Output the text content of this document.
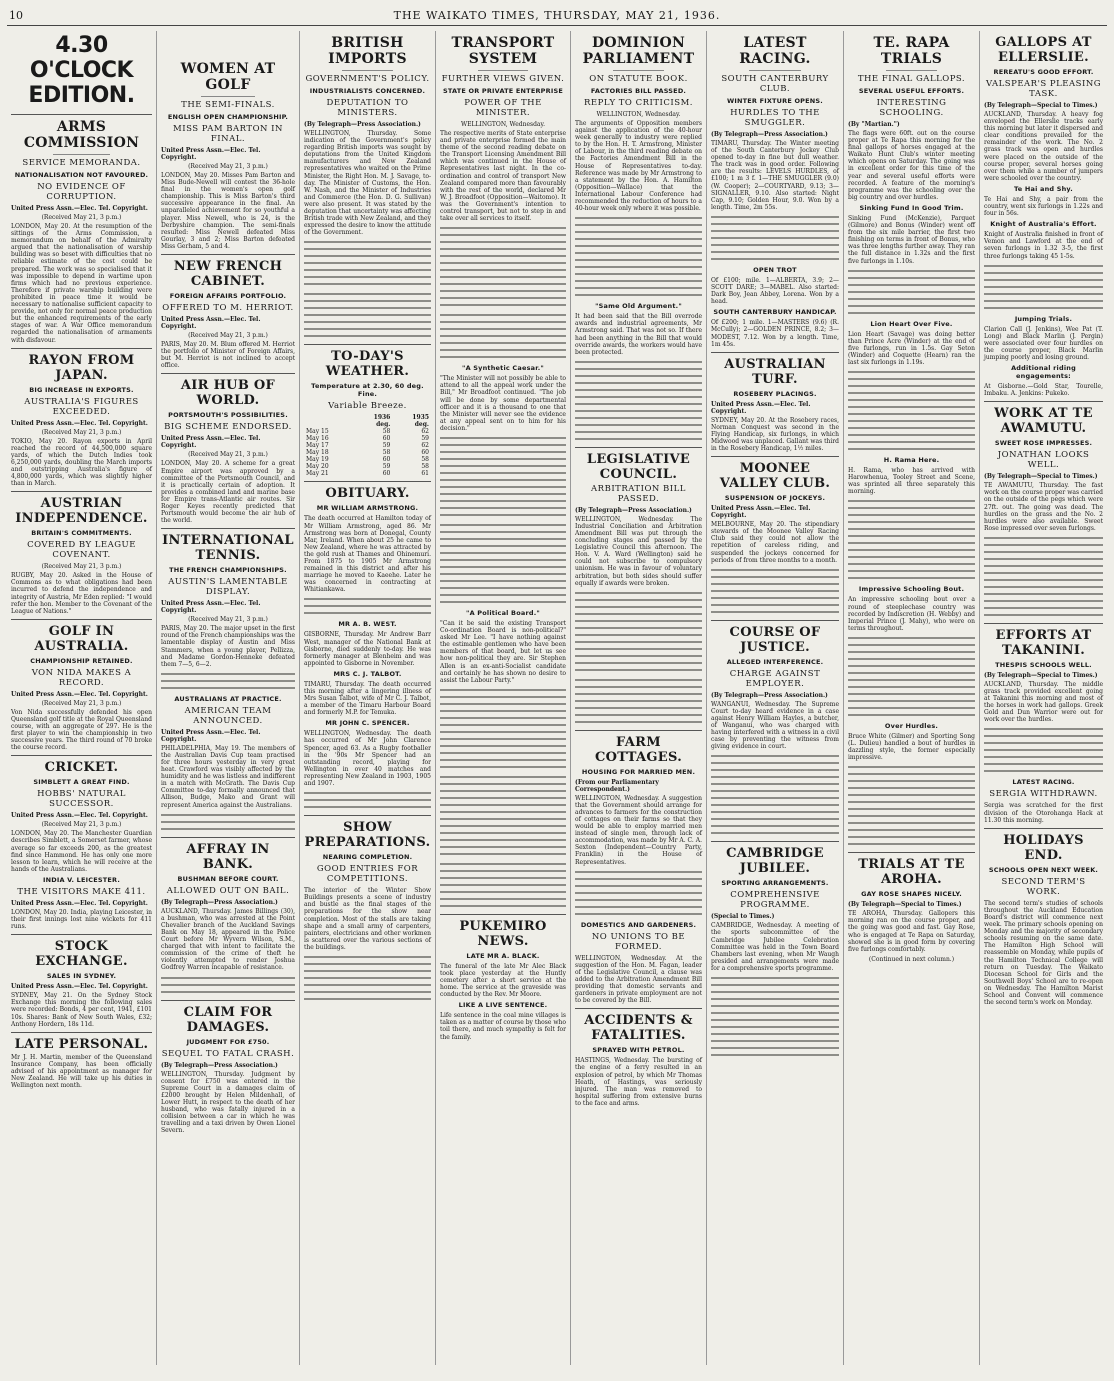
10	THE WAIKATO TIMES, THURSDAY, MAY 21, 1936.
4.30 O'CLOCK EDITION.
ARMS COMMISSION
SERVICE MEMORANDA.
NATIONALISATION NOT FAVOURED.
NO EVIDENCE OF CORRUPTION.
United Press Assn.—Elec. Tel. Copyright.
(Received May 21, 3 p.m.)

LONDON, May 20. At the resumption of the sittings of the Arms Commission, a memorandum on behalf of the Admiralty argued that the nationalisation of warship building was so beset with difficulties that no reliable estimate of the cost could be prepared. The work was so specialised that it was impossible to depend in wartime upon firms which had no previous experience. Therefore if private warship building were prohibited in peace time it would be necessary to nationalise sufficient capacity to provide, not only for normal peace production but the enhanced requirements of the early stages of war. A War Office memorandum regarded the nationalisation of armaments with disfavour.

RAYON FROM JAPAN.
BIG INCREASE IN EXPORTS.
AUSTRALIA'S FIGURES EXCEEDED.
United Press Assn.—Elec. Tel. Copyright.
(Received May 21, 3 p.m.)

TOKIO, May 20. Rayon exports in April reached the record of 44,500,000 square yards, of which the Dutch Indies took 6,250,000 yards, doubling the March imports and outstripping Australia's figure of 4,800,000 yards, which was slightly higher than in March.

AUSTRIAN INDEPENDENCE.
BRITAIN'S COMMITMENTS.
COVERED BY LEAGUE COVENANT.
(Received May 21, 3 p.m.)

RUGBY, May 20. Asked in the House of Commons as to what obligations had been incurred to defend the independence and integrity of Austria, Mr Eden replied: "I would refer the hon. Member to the Covenant of the League of Nations."

GOLF IN AUSTRALIA.
CHAMPIONSHIP RETAINED.
VON NIDA MAKES A RECORD.
United Press Assn.—Elec. Tel. Copyright.
(Received May 21, 3 p.m.)

Von Nida successfully defended his open Queensland golf title at the Royal Queensland course, with an aggregate of 297. He is the first player to win the championship in two successive years. The third round of 70 broke the course record.

CRICKET.
SIMBLETT A GREAT FIND.
HOBBS' NATURAL SUCCESSOR.
United Press Assn.—Elec. Tel. Copyright.
(Received May 21, 3 p.m.)

LONDON, May 20. The Manchester Guardian describes Simblett, a Somerset farmer, whose average so far exceeds 200, as the greatest find since Hammond. He has only one more lesson to learn, which he will receive at the hands of the Australians.

INDIA V. LEICESTER.
THE VISITORS MAKE 411.
United Press Assn.—Elec. Tel. Copyright.

LONDON, May 20. India, playing Leicester, in their first innings lost nine wickets for 411 runs.

STOCK EXCHANGE.
SALES IN SYDNEY.
United Press Assn.—Elec. Tel. Copyright.

SYDNEY, May 21. On the Sydney Stock Exchange this morning the following sales were recorded: Bonds, 4 per cent, 1941, £101 10s. Shares: Bank of New South Wales, £32; Anthony Hordern, 18s 11d.

LATE PERSONAL.

Mr J. H. Martin, member of the Queensland Insurance Company, has been officially advised of his appointment as manager for New Zealand. He will take up his duties in Wellington next month.

WOMEN AT GOLF
THE SEMI-FINALS.
ENGLISH OPEN CHAMPIONSHIP.
MISS PAM BARTON IN FINAL.
United Press Assn.—Elec. Tel. Copyright.
(Received May 21, 3 p.m.)

LONDON, May 20. Misses Pam Barton and Miss Bude-Newell will contest the 36-hole final in the women's open golf championship. This is Miss Barton's third successive appearance in the final. An unparalleled achievement for so youthful a player. Miss Newell, who is 24, is the Derbyshire champion. The semi-finals resulted: Miss Newell defeated Miss Gourlay, 3 and 2; Miss Barton defeated Miss Gerham, 5 and 4.

NEW FRENCH CABINET.
FOREIGN AFFAIRS PORTFOLIO.
OFFERED TO M. HERRIOT.
United Press Assn.—Elec. Tel. Copyright.
(Received May 21, 3 p.m.)

PARIS, May 20. M. Blum offered M. Herriot the portfolio of Minister of Foreign Affairs, but M. Herriot is not inclined to accept office.

AIR HUB OF WORLD.
PORTSMOUTH'S POSSIBILITIES.
BIG SCHEME ENDORSED.
United Press Assn.—Elec. Tel. Copyright.
(Received May 21, 3 p.m.)

LONDON, May 20. A scheme for a great Empire airport was approved by a committee of the Portsmouth Council, and it is practically certain of adoption. It provides a combined land and marine base for Empire trans-Atlantic air routes. Sir Roger Keyes recently predicted that Portsmouth would become the air hub of the world.

INTERNATIONAL TENNIS.
THE FRENCH CHAMPIONSHIPS.
AUSTIN'S LAMENTABLE DISPLAY.
United Press Assn.—Elec. Tel. Copyright.
(Received May 21, 3 p.m.)

PARIS, May 20. The major upset in the first round of the French championships was the lamentable display of Austin and Miss Stammers, when a young player, Pellizza, and Madame Gordon-Henneke defeated them 7—5, 6—2.

AUSTRALIANS AT PRACTICE.
AMERICAN TEAM ANNOUNCED.
United Press Assn.—Elec. Tel. Copyright.

PHILADELPHIA, May 19. The members of the Australian Davis Cup team practised for three hours yesterday in very great heat. Crawford was visibly affected by the humidity and he was listless and indifferent in a match with McGrath. The Davis Cup Committee to-day formally announced that Allison, Budge, Mako and Grant will represent America against the Australians.

AFFRAY IN BANK.
BUSHMAN BEFORE COURT.
ALLOWED OUT ON BAIL.
(By Telegraph—Press Association.)

AUCKLAND, Thursday. James Billings (30), a bushman, who was arrested at the Point Chevalier branch of the Auckland Savings Bank on May 18, appeared in the Police Court before Mr Wyvern Wilson, S.M., charged that with intent to facilitate the commission of the crime of theft he violently attempted to render Joshua Godfrey Warren incapable of resistance.

CLAIM FOR DAMAGES.
JUDGMENT FOR £750.
SEQUEL TO FATAL CRASH.
(By Telegraph—Press Association.)

WELLINGTON, Thursday. Judgment by consent for £750 was entered in the Supreme Court in a damages claim of £2000 brought by Helen Mildenhall, of Lower Hutt, in respect to the death of her husband, who was fatally injured in a collision between a car in which he was travelling and a taxi driven by Owen Lionel Severn.

BRITISH IMPORTS
GOVERNMENT'S POLICY.
INDUSTRIALISTS CONCERNED.
DEPUTATION TO MINISTERS.
(By Telegraph—Press Association.)

WELLINGTON, Thursday. Some indication of the Government's policy regarding British imports was sought by deputations from the United Kingdom manufacturers and New Zealand representatives who waited on the Prime Minister, the Right Hon. M. J. Savage, to-day. The Minister of Customs, the Hon. W. Nash, and the Minister of Industries and Commerce (the Hon. D. G. Sullivan) were also present. It was stated by the deputation that uncertainty was affecting British trade with New Zealand, and they expressed the desire to know the attitude of the Government.

TO-DAY'S WEATHER.
Temperature at 2.30, 60 deg. Fine.
Variable Breeze.
	1936	1935
	deg.	deg.
May 15	58	62
May 16	60	59
May 17	59	62
May 18	58	60
May 19	60	58
May 20	59	58
May 21	60	61
OBITUARY.
MR WILLIAM ARMSTRONG.

The death occurred at Hamilton today of Mr William Armstrong, aged 86. Mr Armstrong was born at Donegal, County Mar, Ireland. When about 25 he came to New Zealand, where he was attracted by the gold rush at Thames and Ohinemuri. From 1875 to 1905 Mr Armstrong remained in this district and after his marriage he moved to Kaeehe. Later he was concerned in contracting at Whitiankawa.

MR A. B. WEST.

GISBORNE, Thursday. Mr Andrew Barr West, manager of the National Bank at Gisborne, died suddenly to-day. He was formerly manager at Blenheim and was appointed to Gisborne in November.

MRS C. J. TALBOT.

TIMARU, Thursday. The death occurred this morning after a lingering illness of Mrs Susan Talbot, wife of Mr C. J. Talbot, a member of the Timaru Harbour Board and formerly M.P. for Temuka.

MR JOHN C. SPENCER.

WELLINGTON, Wednesday. The death has occurred of Mr John Clarence Spencer, aged 63. As a Rugby footballer in the '90s Mr Spencer had an outstanding record, playing for Wellington in over 40 matches and representing New Zealand in 1903, 1905 and 1907.

SHOW PREPARATIONS.
NEARING COMPLETION.
GOOD ENTRIES FOR COMPETITIONS.

The interior of the Winter Show Buildings presents a scene of industry and bustle as the final stages of the preparations for the show near completion. Most of the stalls are taking shape and a small army of carpenters, painters, electricians and other workmen is scattered over the various sections of the buildings.

TRANSPORT SYSTEM
FURTHER VIEWS GIVEN.
STATE OR PRIVATE ENTERPRISE
POWER OF THE MINISTER.
WELLINGTON, Wednesday.

The respective merits of State enterprise and private enterprise formed the main theme of the second reading debate on the Transport Licensing Amendment Bill which was continued in the House of Representatives last night. In the co-ordination and control of transport New Zealand compared more than favourably with the rest of the world, declared Mr W. J. Broadfoot (Opposition—Waitomo). It was the Government's intention to control transport, but not to step in and take over all services to itself.

"A Synthetic Caesar."

"The Minister will not possibly be able to attend to all the appeal work under the Bill," Mr Broadfoot continued. "The job will be done by some departmental officer and it is a thousand to one that the Minister will never see the evidence at any appeal sent on to him for his decision."

"A Political Board."

"Can it be said the existing Transport Co-ordination Board is non-political?" asked Mr Lee. "I have nothing against the estimable gentlemen who have been members of that board, but let us see how non-political they are. Sir Stephen Allen is an ex-anti-Socialist candidate and certainly he has shown no desire to assist the Labour Party."

PUKEMIRO NEWS.
LATE MR A. BLACK.

The funeral of the late Mr Alec Black took place yesterday at the Huntly cemetery after a short service at the home. The service at the graveside was conducted by the Rev. Mr Moore.

LIKE A LIVE SENTENCE.

Life sentence in the coal mine villages is taken as a matter of course by those who toil there, and much sympathy is felt for the family.

DOMINION PARLIAMENT
ON STATUTE BOOK.
FACTORIES BILL PASSED.
REPLY TO CRITICISM.
WELLINGTON, Wednesday.

The arguments of Opposition members against the application of the 40-hour week generally to industry were replied to by the Hon. H. T. Armstrong, Minister of Labour, in the third reading debate on the Factories Amendment Bill in the House of Representatives to-day. Reference was made by Mr Armstrong to a statement by the Hon. A. Hamilton (Opposition—Wallace) that the International Labour Conference had recommended the reduction of hours to a 40-hour week only where it was possible.

"Same Old Argument."

It had been said that the Bill overrode awards and industrial agreements, Mr Armstrong said. That was not so. If there had been anything in the Bill that would override awards, the workers would have been protected.

LEGISLATIVE COUNCIL.
ARBITRATION BILL PASSED.
(By Telegraph—Press Association.)

WELLINGTON, Wednesday. The Industrial Conciliation and Arbitration Amendment Bill was put through the concluding stages and passed by the Legislative Council this afternoon. The Hon. V. A. Ward (Wellington) said he could not subscribe to compulsory unionism. He was in favour of voluntary arbitration, but both sides should suffer equally if awards were broken.

FARM COTTAGES.
HOUSING FOR MARRIED MEN.
(From our Parliamentary Correspondent.)

WELLINGTON, Wednesday. A suggestion that the Government should arrange for advances to farmers for the construction of cottages on their farms so that they would be able to employ married men instead of single men, through lack of accommodation, was made by Mr A. C. A. Sexton (Independent—Country Party, Franklin) in the House of Representatives.

DOMESTICS AND GARDENERS.
NO UNIONS TO BE FORMED.

WELLINGTON, Wednesday. At the suggestion of the Hon. M. Fagan, leader of the Legislative Council, a clause was added to the Arbitration Amendment Bill providing that domestic servants and gardeners in private employment are not to be covered by the Bill.

ACCIDENTS & FATALITIES.
SPRAYED WITH PETROL.

HASTINGS, Wednesday. The bursting of the engine of a ferry resulted in an explosion of petrol, by which Mr Thomas Heath, of Hastings, was seriously injured. The man was removed to hospital suffering from extensive burns to the face and arms.

LATEST RACING.
SOUTH CANTERBURY CLUB.
WINTER FIXTURE OPENS.
HURDLES TO THE SMUGGLER.
(By Telegraph—Press Association.)

TIMARU, Thursday. The Winter meeting of the South Canterbury Jockey Club opened to-day in fine but dull weather. The track was in good order. Following are the results: LEVELS HURDLES, of £100; 1 m 3 f. 1—THE SMUGGLER (9.0) (W. Cooper); 2—COURTYARD, 9.13; 3—SIGNALLER, 9.10. Also started: Night Cap, 9.10; Golden Hour, 9.0. Won by a length. Time, 2m 55s.

OPEN TROT

Of £100; mile. 1—ALBERTA, 3.9; 2—SCOTT DARE; 3—MABEL. Also started: Dark Boy, Jean Abbey, Lorena. Won by a head.

SOUTH CANTERBURY HANDICAP.

Of £200; 1 mile. 1—MASTERS (9.6) (R. McCully); 2—GOLDEN PRINCE, 8.2; 3—MODEST, 7.12. Won by a length. Time, 1m 45s.

AUSTRALIAN TURF.
ROSEBERY PLACINGS.
United Press Assn.—Elec. Tel. Copyright.

SYDNEY, May 20. At the Rosebery races, Norman Conquest was second in the Flying Handicap, six furlongs, in which Midwood was unplaced. Gallant was third in the Rosebery Handicap, 1½ miles.

MOONEE VALLEY CLUB.
SUSPENSION OF JOCKEYS.
United Press Assn.—Elec. Tel. Copyright.

MELBOURNE, May 20. The stipendiary stewards of the Moonee Valley Racing Club said they could not allow the repetition of careless riding, and suspended the jockeys concerned for periods of from three months to a month.

COURSE OF JUSTICE.
ALLEGED INTERFERENCE.
CHARGE AGAINST EMPLOYER.
(By Telegraph—Press Association.)

WANGANUI, Wednesday. The Supreme Court to-day heard evidence in a case against Henry William Hayles, a butcher, of Wanganui, who was charged with having interfered with a witness in a civil case by preventing the witness from giving evidence in court.

CAMBRIDGE JUBILEE.
SPORTING ARRANGEMENTS.
COMPREHENSIVE PROGRAMME.
(Special to Times.)

CAMBRIDGE, Wednesday. A meeting of the sports subcommittee of the Cambridge Jubilee Celebration Committee was held in the Town Board Chambers last evening, when Mr Waugh presided and arrangements were made for a comprehensive sports programme.

TE. RAPA TRIALS
THE FINAL GALLOPS.
SEVERAL USEFUL EFFORTS.
INTERESTING SCHOOLING.
(By "Martian.")

The flags were 60ft. out on the course proper at Te Rapa this morning for the final gallops of horses engaged at the Waikato Hunt Club's winter meeting which opens on Saturday. The going was in excellent order for this time of the year and several useful efforts were recorded. A feature of the morning's programme was the schooling over the big country and over hurdles.

Sinking Fund In Good Trim.

Sinking Fund (McKenzie), Parquet (Gilmore) and Bonus (Winder) went off from the six mile barrier, the first two finishing on terms in front of Bonus, who was three lengths further away. They ran the full distance in 1.32s and the first five furlongs in 1.10s.

Lion Heart Over Five.

Lion Heart (Savage) was doing better than Prince Acre (Winder) at the end of five furlongs, run in 1.5s. Gay Seton (Winder) and Coquette (Hearn) ran the last six furlongs in 1.19s.

H. Rama Here.

H. Rama, who has arrived with Harowhenua, Tooley Street and Scene, was sprinted all three separately this morning.

Impressive Schooling Bout.

An impressive schooling bout over a round of steeplechase country was recorded by Indiscretion (H. Webby) and Imperial Prince (J. Mahy), who were on terms throughout.

Over Hurdles.

Bruce White (Gilmer) and Sporting Song (L. Dulieu) handled a bout of hurdles in dazzling style, the former especially impressive.

TRIALS AT TE AROHA.
GAY ROSE SHAPES NICELY.
(By Telegraph—Special to Times.)

TE AROHA, Thursday. Gallopers this morning ran on the course proper, and the going was good and fast. Gay Rose, who is engaged at Te Rapa on Saturday, showed she is in good form by covering five furlongs comfortably.

(Continued in next column.)
GALLOPS AT ELLERSLIE.
REREATU'S GOOD EFFORT.
VALSPEAR'S PLEASING TASK.
(By Telegraph—Special to Times.)

AUCKLAND, Thursday. A heavy fog enveloped the Ellerslie tracks early this morning but later it dispersed and clear conditions prevailed for the remainder of the work. The No. 2 grass track was open and hurdles were placed on the outside of the course proper, several horses going over them while a number of jumpers were schooled over the country.

Te Hai and Shy.

Te Hai and Shy, a pair from the country, went six furlongs in 1.22s and four in 56s.

Knight of Australia's Effort.

Knight of Australia finished in front of Vemon and Lawford at the end of seven furlongs in 1.32 3-5, the first three furlongs taking 45 1-5s.

Jumping Trials.

Clarion Call (J. Jenkins), Wee Pat (T. Long) and Black Marlin (J. Pergin) were associated over four hurdles on the course proper, Black Marlin jumping poorly and losing ground.

Additional riding engagements:

At Gisborne.—Gold Star, Tourelle, Imbaku. A. Jenkins: Pukeko.

WORK AT TE AWAMUTU.
SWEET ROSE IMPRESSES.
JONATHAN LOOKS WELL.
(By Telegraph—Special to Times.)

TE AWAMUTU, Thursday. The fast work on the course proper was carried on the outside of the pegs which were 27ft. out. The going was dead. The hurdles on the grass and the No. 2 hurdles were also available. Sweet Rose impressed over seven furlongs.

EFFORTS AT TAKANINI.
THESPIS SCHOOLS WELL.
(By Telegraph—Special to Times.)

AUCKLAND, Thursday. The middle grass track provided excellent going at Takanini this morning and most of the horses in work had gallops. Greek Gold and Dun Warrior were out for work over the hurdles.

LATEST RACING.
SERGIA WITHDRAWN.

Sergia was scratched for the first division of the Otorohanga Hack at 11.30 this morning.

HOLIDAYS END.
SCHOOLS OPEN NEXT WEEK.
SECOND TERM'S WORK.

The second term's studies of schools throughout the Auckland Education Board's district will commence next week. The primary schools opening on Monday and the majority of secondary schools resuming on the same date. The Hamilton High School will reassemble on Monday, while pupils of the Hamilton Technical College will return on Tuesday. The Waikato Diocesan School for Girls and the Southwell Boys' School are to re-open on Wednesday. The Hamilton Marist School and Convent will commence the second term's work on Monday.
